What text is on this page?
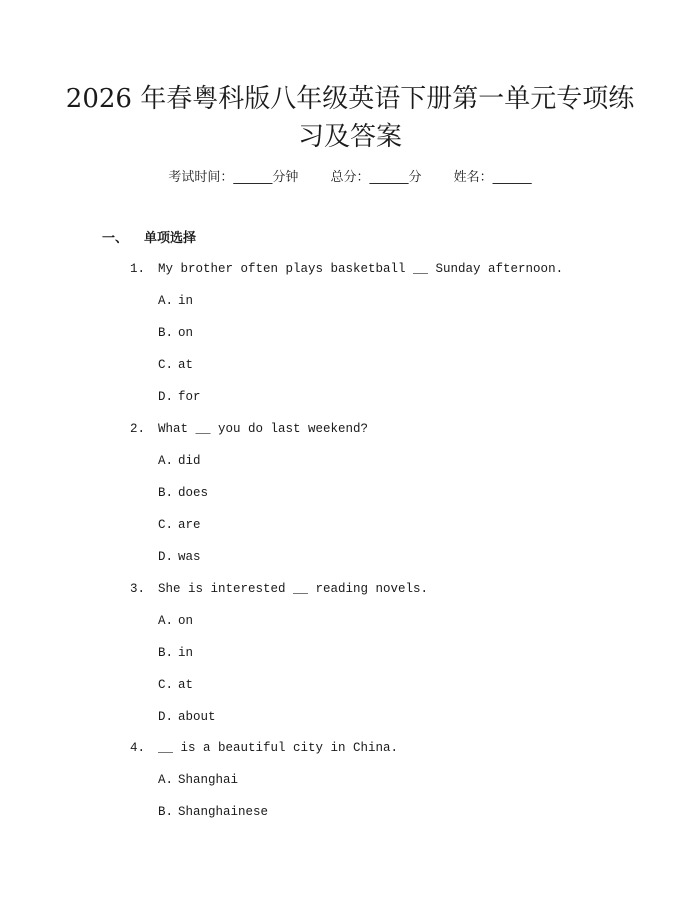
2026 年春粤科版八年级英语下册第一单元专项练习及答案
考试时间：______分钟 总分：______分 姓名：______
一、 单项选择
1. My brother often plays basketball __ Sunday afternoon.
A. in
B. on
C. at
D. for
2. What __ you do last weekend?
A. did
B. does
C. are
D. was
3. She is interested __ reading novels.
A. on
B. in
C. at
D. about
4. __ is a beautiful city in China.
A. Shanghai
B. Shanghainese
